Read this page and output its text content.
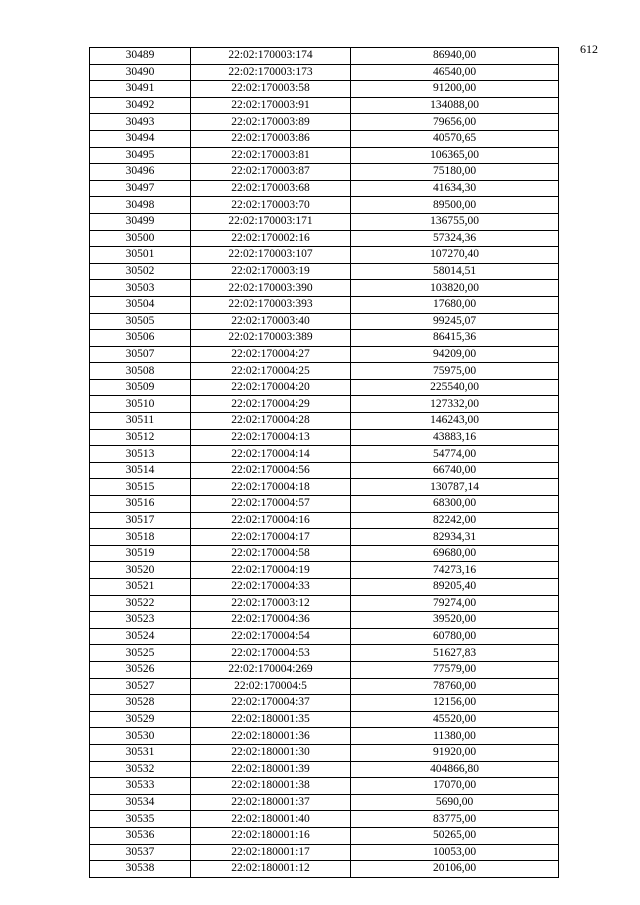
612
30489	22:02:170003:174	86940,00
30490	22:02:170003:173	46540,00
30491	22:02:170003:58	91200,00
30492	22:02:170003:91	134088,00
30493	22:02:170003:89	79656,00
30494	22:02:170003:86	40570,65
30495	22:02:170003:81	106365,00
30496	22:02:170003:87	75180,00
30497	22:02:170003:68	41634,30
30498	22:02:170003:70	89500,00
30499	22:02:170003:171	136755,00
30500	22:02:170002:16	57324,36
30501	22:02:170003:107	107270,40
30502	22:02:170003:19	58014,51
30503	22:02:170003:390	103820,00
30504	22:02:170003:393	17680,00
30505	22:02:170003:40	99245,07
30506	22:02:170003:389	86415,36
30507	22:02:170004:27	94209,00
30508	22:02:170004:25	75975,00
30509	22:02:170004:20	225540,00
30510	22:02:170004:29	127332,00
30511	22:02:170004:28	146243,00
30512	22:02:170004:13	43883,16
30513	22:02:170004:14	54774,00
30514	22:02:170004:56	66740,00
30515	22:02:170004:18	130787,14
30516	22:02:170004:57	68300,00
30517	22:02:170004:16	82242,00
30518	22:02:170004:17	82934,31
30519	22:02:170004:58	69680,00
30520	22:02:170004:19	74273,16
30521	22:02:170004:33	89205,40
30522	22:02:170003:12	79274,00
30523	22:02:170004:36	39520,00
30524	22:02:170004:54	60780,00
30525	22:02:170004:53	51627,83
30526	22:02:170004:269	77579,00
30527	22:02:170004:5	78760,00
30528	22:02:170004:37	12156,00
30529	22:02:180001:35	45520,00
30530	22:02:180001:36	11380,00
30531	22:02:180001:30	91920,00
30532	22:02:180001:39	404866,80
30533	22:02:180001:38	17070,00
30534	22:02:180001:37	5690,00
30535	22:02:180001:40	83775,00
30536	22:02:180001:16	50265,00
30537	22:02:180001:17	10053,00
30538	22:02:180001:12	20106,00
